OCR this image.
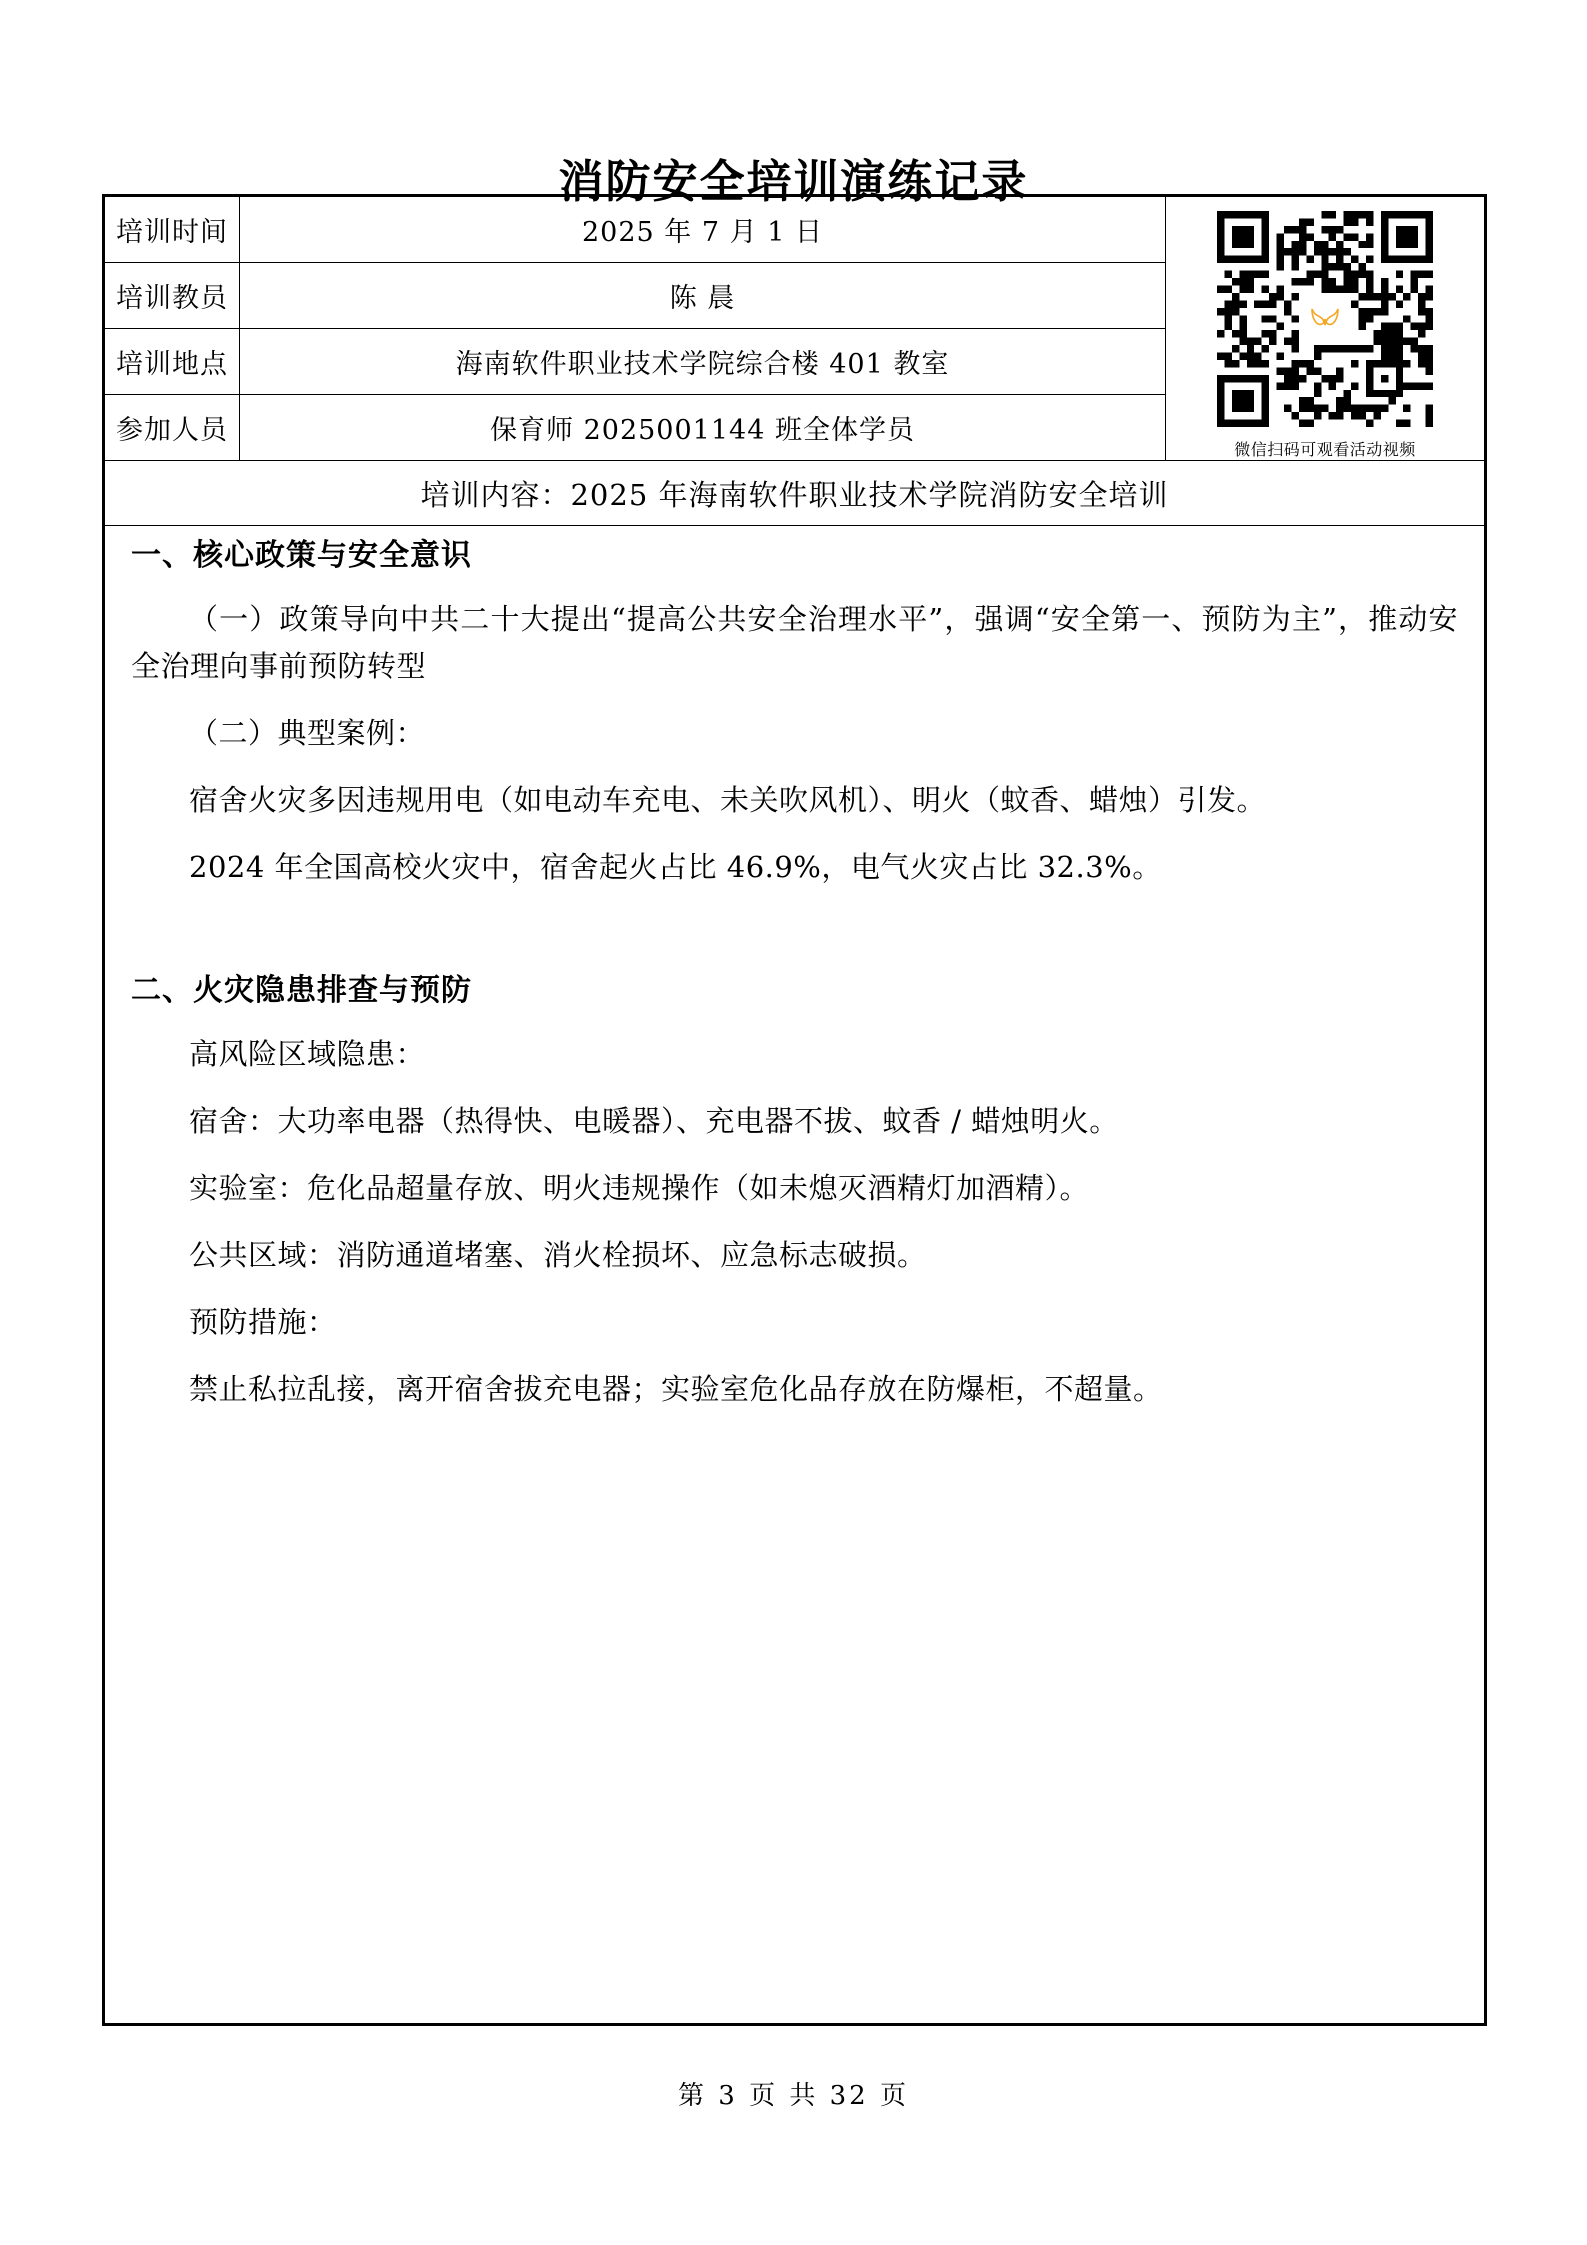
消防安全培训演练记录
培训时间	2025 年 7 月 1 日	微信扫码可观看活动视频

培训教员	陈 晨	
培训地点	海南软件职业技术学院综合楼 401 教室	
参加人员	保育师 2025001144 班全体学员	
培训内容：2025 年海南软件职业技术学院消防安全培训		
一、核心政策与安全意识
（一）政策导向中共二十大提出“提高公共安全治理水平”，强调“安全第一、预防为主”，推动安全治理向事前预防转型
（二）典型案例：
宿舍火灾多因违规用电（如电动车充电、未关吹风机）、明火（蚊香、蜡烛）引发。
2024 年全国高校火灾中，宿舍起火占比 46.9%，电气火灾占比 32.3%。
二、火灾隐患排查与预防
高风险区域隐患：
宿舍：大功率电器（热得快、电暖器）、充电器不拔、蚊香 / 蜡烛明火。
实验室：危化品超量存放、明火违规操作（如未熄灭酒精灯加酒精）。
公共区域：消防通道堵塞、消火栓损坏、应急标志破损。
预防措施：
禁止私拉乱接，离开宿舍拔充电器；实验室危化品存放在防爆柜，不超量。
第 3 页 共 32 页
